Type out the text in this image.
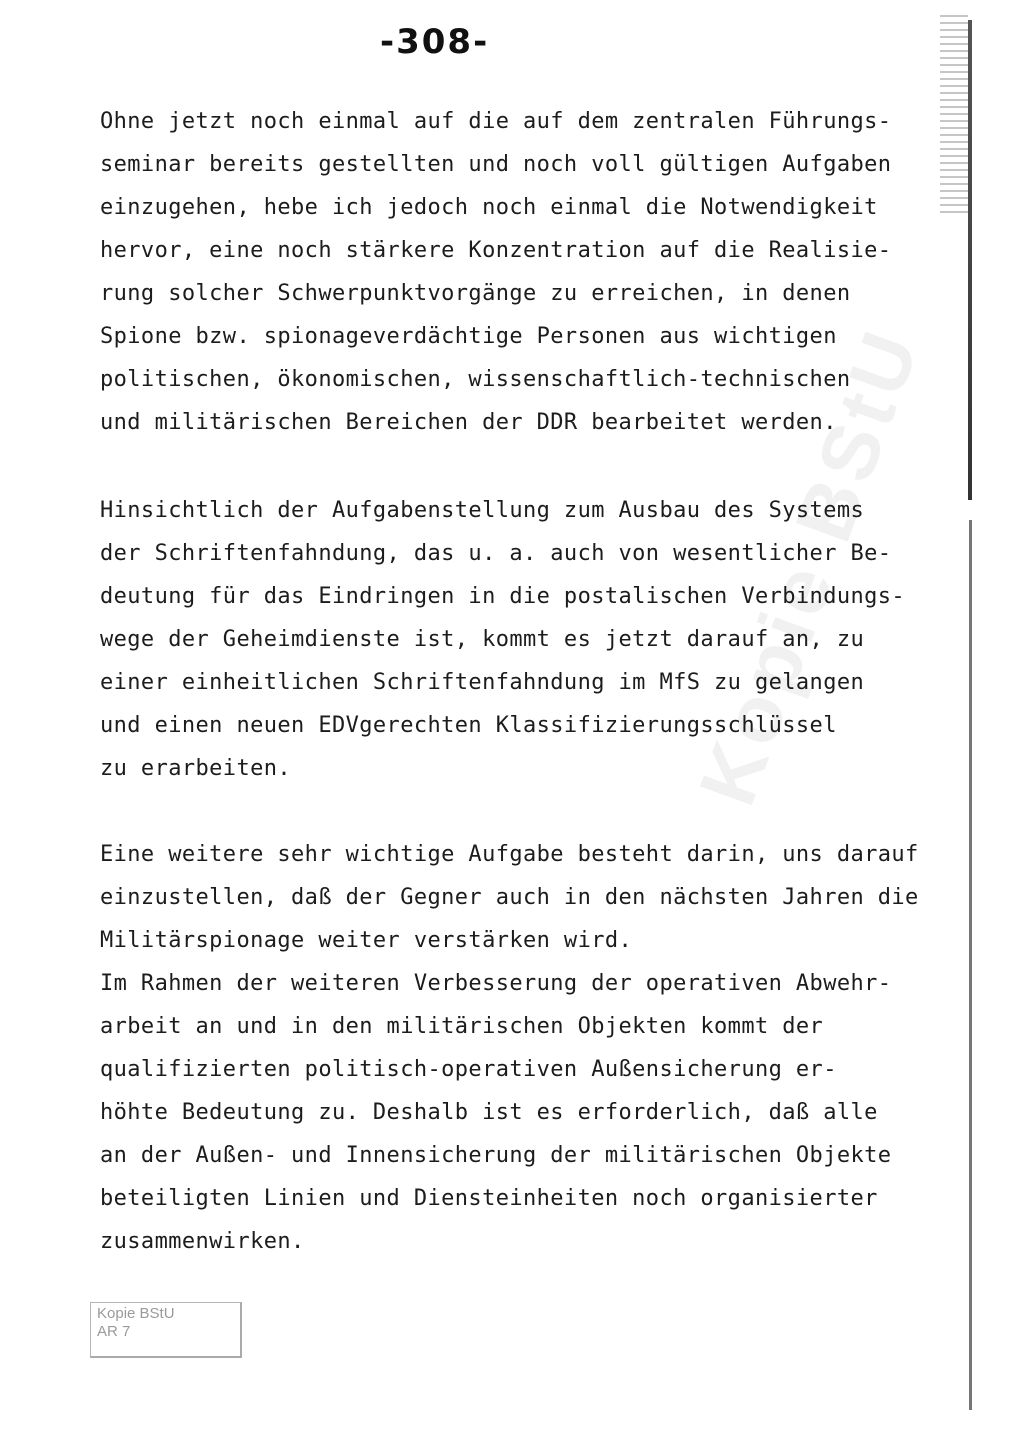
Kopie BStU
-308-
Ohne jetzt noch einmal auf die auf dem zentralen Führungs-
seminar bereits gestellten und noch voll gültigen Aufgaben
einzugehen, hebe ich jedoch noch einmal die Notwendigkeit
hervor, eine noch stärkere Konzentration auf die Realisie-
rung solcher Schwerpunktvorgänge zu erreichen, in denen
Spione bzw. spionageverdächtige Personen aus wichtigen
politischen, ökonomischen, wissenschaftlich-technischen
und militärischen Bereichen der DDR bearbeitet werden.
Hinsichtlich der Aufgabenstellung zum Ausbau des Systems
der Schriftenfahndung, das u. a. auch von wesentlicher Be-
deutung für das Eindringen in die postalischen Verbindungs-
wege der Geheimdienste ist, kommt es jetzt darauf an, zu
einer einheitlichen Schriftenfahndung im MfS zu gelangen
und einen neuen EDVgerechten Klassifizierungsschlüssel
zu erarbeiten.
Eine weitere sehr wichtige Aufgabe besteht darin, uns darauf
einzustellen, daß der Gegner auch in den nächsten Jahren die
Militärspionage weiter verstärken wird.
Im Rahmen der weiteren Verbesserung der operativen Abwehr-
arbeit an und in den militärischen Objekten kommt der
qualifizierten politisch-operativen Außensicherung er-
höhte Bedeutung zu. Deshalb ist es erforderlich, daß alle
an der Außen- und Innensicherung der militärischen Objekte
beteiligten Linien und Diensteinheiten noch organisierter
zusammenwirken.
Kopie BStU
AR 7
